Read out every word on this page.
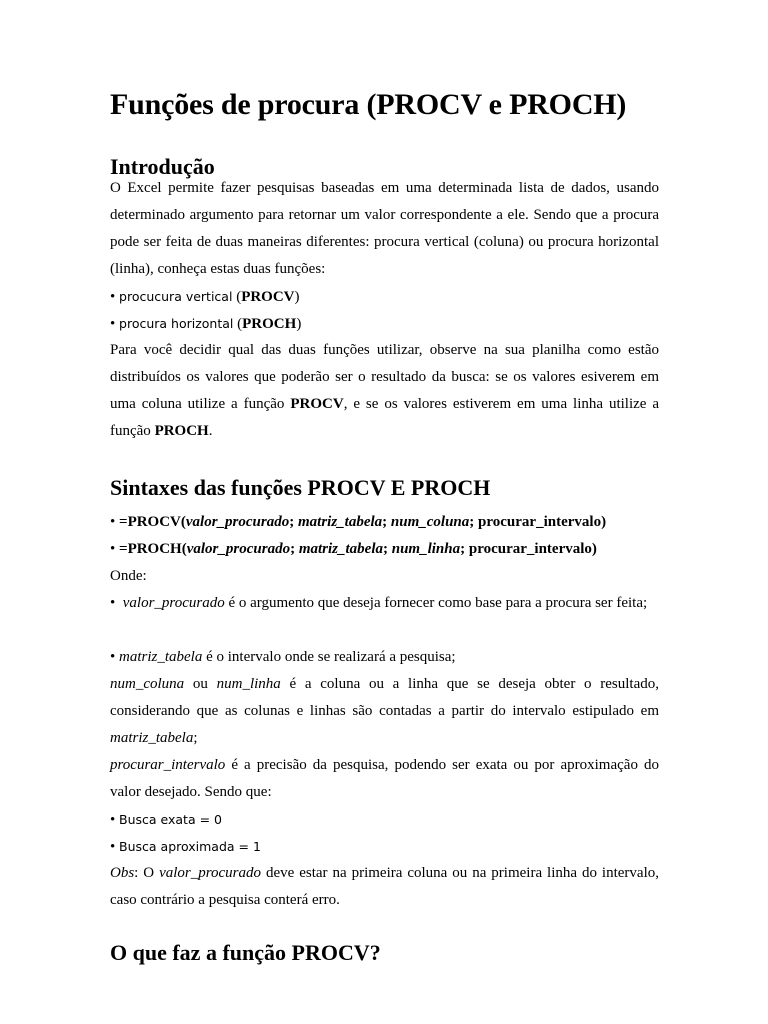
Funções de procura (PROCV e PROCH)
Introdução

O Excel permite fazer pesquisas baseadas em uma determinada lista de dados, usando determinado argumento para retornar um valor correspondente a ele. Sendo que a procura pode ser feita de duas maneiras diferentes: procura vertical (coluna) ou procura horizontal (linha), conheça estas duas funções:

• procucura vertical (PROCV)
• procura horizontal (PROCH)

Para você decidir qual das duas funções utilizar, observe na sua planilha como estão distribuídos os valores que poderão ser o resultado da busca: se os valores esiverem em uma coluna utilize a função PROCV, e se os valores estiverem em uma linha utilize a função PROCH.

Sintaxes das funções PROCV E PROCH
• =PROCV(valor_procurado; matriz_tabela; num_coluna; procurar_intervalo)
• =PROCH(valor_procurado; matriz_tabela; num_linha; procurar_intervalo)
Onde:

• valor_procurado é o argumento que deseja fornecer como base para a procura ser feita;

• matriz_tabela é o intervalo onde se realizará a pesquisa;

num_coluna ou num_linha é a coluna ou a linha que se deseja obter o resultado, considerando que as colunas e linhas são contadas a partir do intervalo estipulado em matriz_tabela;

procurar_intervalo é a precisão da pesquisa, podendo ser exata ou por aproximação do valor desejado. Sendo que:

• Busca exata = 0
• Busca aproximada = 1

Obs: O valor_procurado deve estar na primeira coluna ou na primeira linha do intervalo, caso contrário a pesquisa conterá erro.

O que faz a função PROCV?
